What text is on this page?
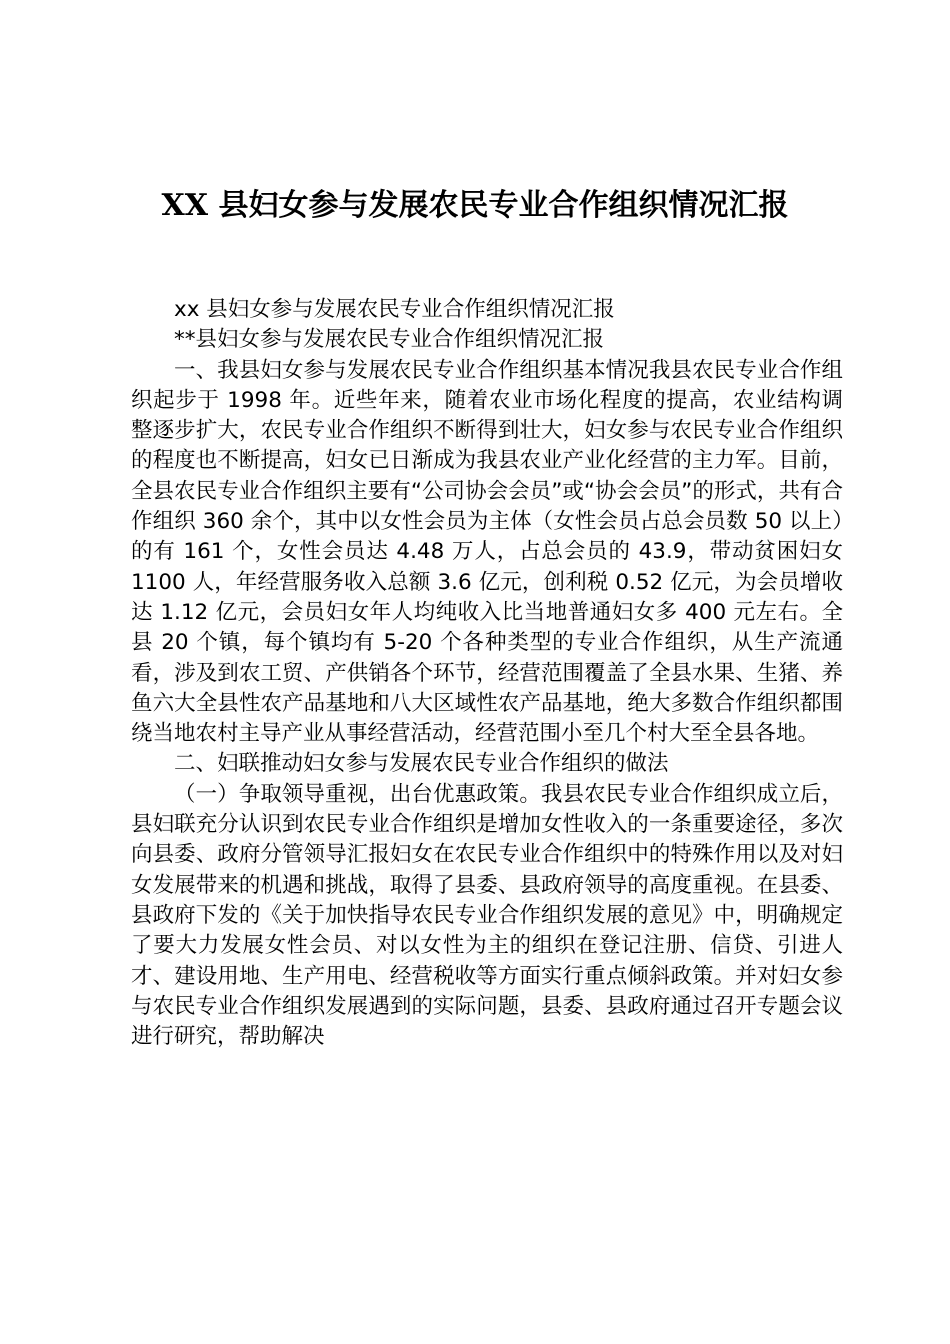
XX 县妇女参与发展农民专业合作组织情况汇报

xx 县妇女参与发展农民专业合作组织情况汇报

**县妇女参与发展农民专业合作组织情况汇报

一、我县妇女参与发展农民专业合作组织基本情况我县农民专业合作组织起步于 1998 年。近些年来，随着农业市场化程度的提高，农业结构调整逐步扩大，农民专业合作组织不断得到壮大，妇女参与农民专业合作组织的程度也不断提高，妇女已日渐成为我县农业产业化经营的主力军。目前，全县农民专业合作组织主要有“公司协会会员”或“协会会员”的形式，共有合作组织 360 余个，其中以女性会员为主体（女性会员占总会员数 50 以上）的有 161 个，女性会员达 4.48 万人，占总会员的 43.9，带动贫困妇女 1100 人，年经营服务收入总额 3.6 亿元，创利税 0.52 亿元，为会员增收达 1.12 亿元，会员妇女年人均纯收入比当地普通妇女多 400 元左右。全县 20 个镇，每个镇均有 5-20 个各种类型的专业合作组织，从生产流通看，涉及到农工贸、产供销各个环节，经营范围覆盖了全县水果、生猪、养鱼六大全县性农产品基地和八大区域性农产品基地，绝大多数合作组织都围绕当地农村主导产业从事经营活动，经营范围小至几个村大至全县各地。

二、妇联推动妇女参与发展农民专业合作组织的做法

（一）争取领导重视，出台优惠政策。我县农民专业合作组织成立后，县妇联充分认识到农民专业合作组织是增加女性收入的一条重要途径，多次向县委、政府分管领导汇报妇女在农民专业合作组织中的特殊作用以及对妇女发展带来的机遇和挑战，取得了县委、县政府领导的高度重视。在县委、县政府下发的《关于加快指导农民专业合作组织发展的意见》中，明确规定了要大力发展女性会员、对以女性为主的组织在登记注册、信贷、引进人才、建设用地、生产用电、经营税收等方面实行重点倾斜政策。并对妇女参与农民专业合作组织发展遇到的实际问题，县委、县政府通过召开专题会议进行研究，帮助解决
